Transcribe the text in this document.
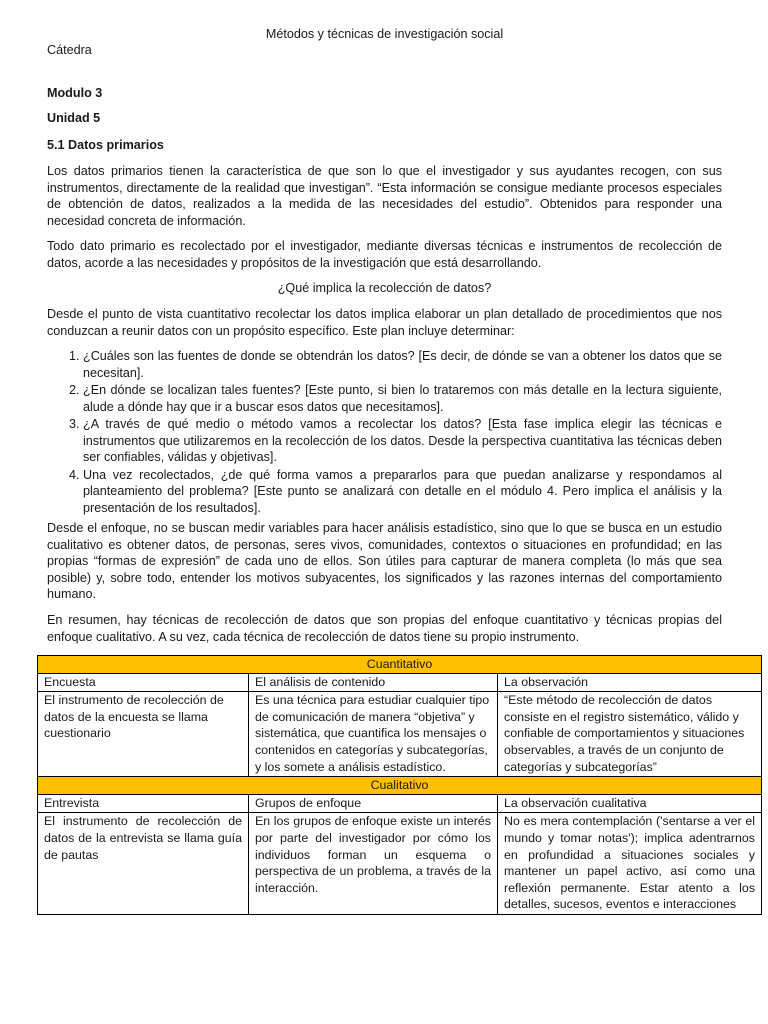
Métodos y técnicas de investigación social
Cátedra
Modulo 3
Unidad 5
5.1 Datos primarios

Los datos primarios tienen la característica de que son lo que el investigador y sus ayudantes recogen, con sus instrumentos, directamente de la realidad que investigan”. “Esta información se consigue mediante procesos especiales de obtención de datos, realizados a la medida de las necesidades del estudio”. Obtenidos para responder una necesidad concreta de información.

Todo dato primario es recolectado por el investigador, mediante diversas técnicas e instrumentos de recolección de datos, acorde a las necesidades y propósitos de la investigación que está desarrollando.

¿Qué implica la recolección de datos?

Desde el punto de vista cuantitativo recolectar los datos implica elaborar un plan detallado de procedimientos que nos conduzcan a reunir datos con un propósito específico. Este plan incluye determinar:

1. ¿Cuáles son las fuentes de donde se obtendrán los datos? [Es decir, de dónde se van a obtener los datos que se necesitan].
2. ¿En dónde se localizan tales fuentes? [Este punto, si bien lo trataremos con más detalle en la lectura siguiente, alude a dónde hay que ir a buscar esos datos que necesitamos].
3. ¿A través de qué medio o método vamos a recolectar los datos? [Esta fase implica elegir las técnicas e instrumentos que utilizaremos en la recolección de los datos. Desde la perspectiva cuantitativa las técnicas deben ser confiables, válidas y objetivas].
4. Una vez recolectados, ¿de qué forma vamos a prepararlos para que puedan analizarse y respondamos al planteamiento del problema? [Este punto se analizará con detalle en el módulo 4. Pero implica el análisis y la presentación de los resultados].

Desde el enfoque, no se buscan medir variables para hacer análisis estadístico, sino que lo que se busca en un estudio cualitativo es obtener datos, de personas, seres vivos, comunidades, contextos o situaciones en profundidad; en las propias “formas de expresión” de cada uno de ellos. Son útiles para capturar de manera completa (lo más que sea posible) y, sobre todo, entender los motivos subyacentes, los significados y las razones internas del comportamiento humano.

En resumen, hay técnicas de recolección de datos que son propias del enfoque cuantitativo y técnicas propias del enfoque cualitativo. A su vez, cada técnica de recolección de datos tiene su propio instrumento.

Cuantitativo		
Encuesta	El análisis de contenido	La observación
El instrumento de recolección de datos de la encuesta se llama cuestionario	Es una técnica para estudiar cualquier tipo de comunicación de manera “objetiva” y sistemática, que cuantifica los mensajes o contenidos en categorías y subcategorías, y los somete a análisis estadístico.	“Este método de recolección de datos consiste en el registro sistemático, válido y confiable de comportamientos y situaciones observables, a través de un conjunto de categorías y subcategorías”
Cualitativo		
Entrevista	Grupos de enfoque	La observación cualitativa
El instrumento de recolección de datos de la entrevista se llama guía de pautas	En los grupos de enfoque existe un interés por parte del investigador por cómo los individuos forman un esquema o perspectiva de un problema, a través de la interacción.	No es mera contemplación ('sentarse a ver el mundo y tomar notas'); implica adentrarnos en profundidad a situaciones sociales y mantener un papel activo, así como una reflexión permanente. Estar atento a los detalles, sucesos, eventos e interacciones
